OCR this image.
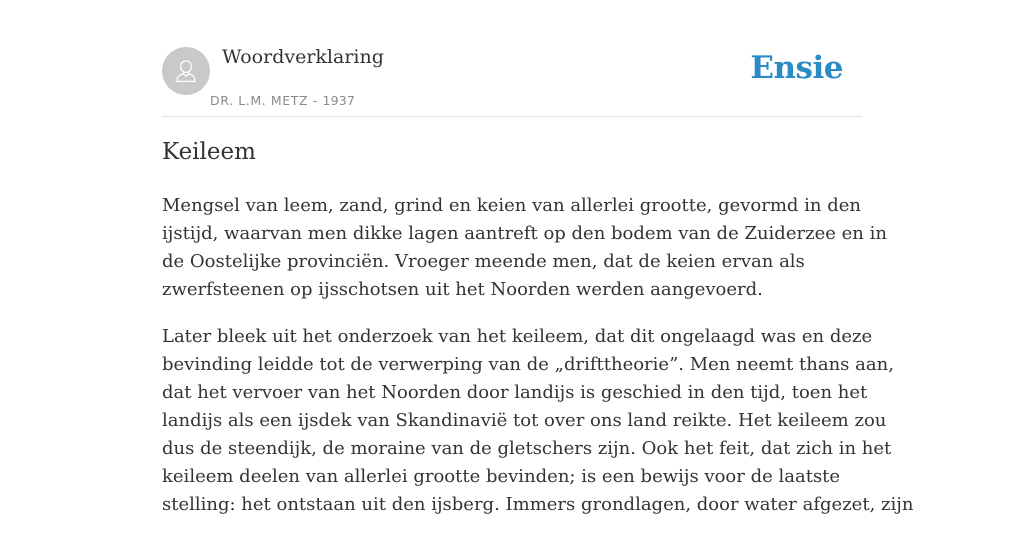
Woordverklaring
DR. L.M. METZ - 1937
Ensie
Keileem

Mengsel van leem, zand, grind en keien van allerlei grootte, gevormd in den
ijstijd, waarvan men dikke lagen aantreft op den bodem van de Zuiderzee en in
de Oostelijke provinciën. Vroeger meende men, dat de keien ervan als
zwerfsteenen op ijsschotsen uit het Noorden werden aangevoerd.

Later bleek uit het onderzoek van het keileem, dat dit ongelaagd was en deze
bevinding leidde tot de verwerping van de „drifttheorie”. Men neemt thans aan,
dat het vervoer van het Noorden door landijs is geschied in den tijd, toen het
landijs als een ijsdek van Skandinavië tot over ons land reikte. Het keileem zou
dus de steendijk, de moraine van de gletschers zijn. Ook het feit, dat zich in het
keileem deelen van allerlei grootte bevinden; is een bewijs voor de laatste
stelling: het ontstaan uit den ijsberg. Immers grondlagen, door water afgezet, zijn
